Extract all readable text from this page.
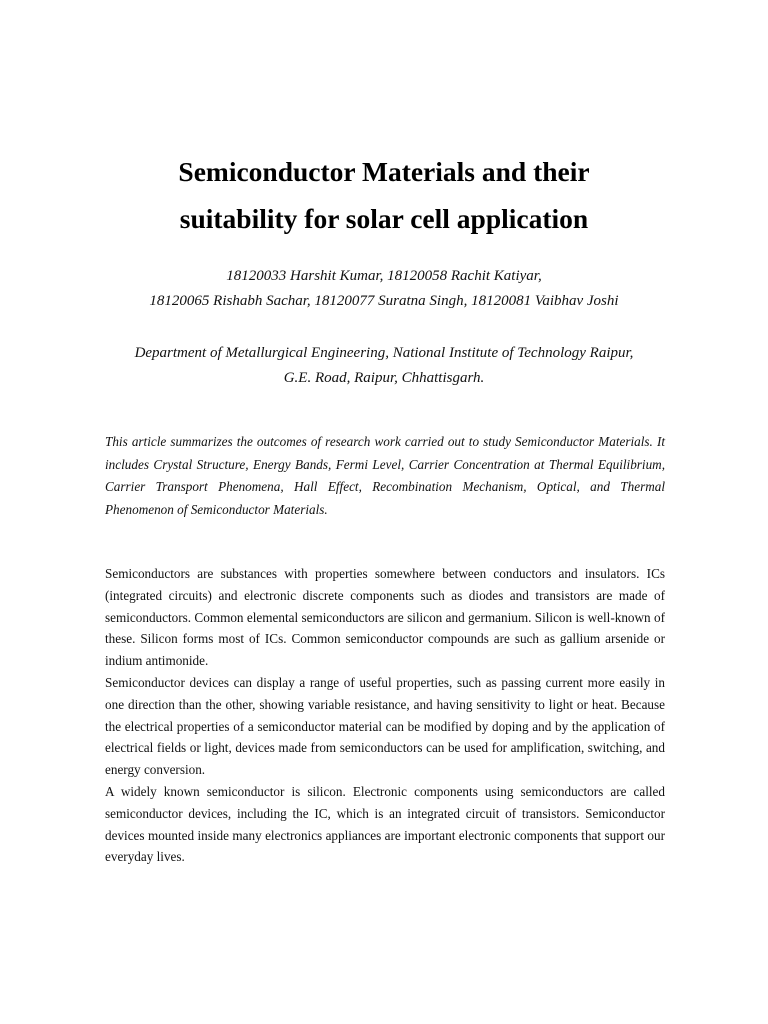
Semiconductor Materials and their
suitability for solar cell application
18120033 Harshit Kumar, 18120058 Rachit Katiyar,
18120065 Rishabh Sachar, 18120077 Suratna Singh, 18120081 Vaibhav Joshi
Department of Metallurgical Engineering, National Institute of Technology Raipur,
G.E. Road, Raipur, Chhattisgarh.

This article summarizes the outcomes of research work carried out to study Semiconductor Materials. It includes Crystal Structure, Energy Bands, Fermi Level, Carrier Concentration at Thermal Equilibrium, Carrier Transport Phenomena, Hall Effect, Recombination Mechanism, Optical, and Thermal Phenomenon of Semiconductor Materials.

Semiconductors are substances with properties somewhere between conductors and insulators. ICs (integrated circuits) and electronic discrete components such as diodes and transistors are made of semiconductors. Common elemental semiconductors are silicon and germanium. Silicon is well-known of these. Silicon forms most of ICs. Common semiconductor compounds are such as gallium arsenide or indium antimonide.

Semiconductor devices can display a range of useful properties, such as passing current more easily in one direction than the other, showing variable resistance, and having sensitivity to light or heat. Because the electrical properties of a semiconductor material can be modified by doping and by the application of electrical fields or light, devices made from semiconductors can be used for amplification, switching, and energy conversion.

A widely known semiconductor is silicon. Electronic components using semiconductors are called semiconductor devices, including the IC, which is an integrated circuit of transistors. Semiconductor devices mounted inside many electronics appliances are important electronic components that support our everyday lives.
